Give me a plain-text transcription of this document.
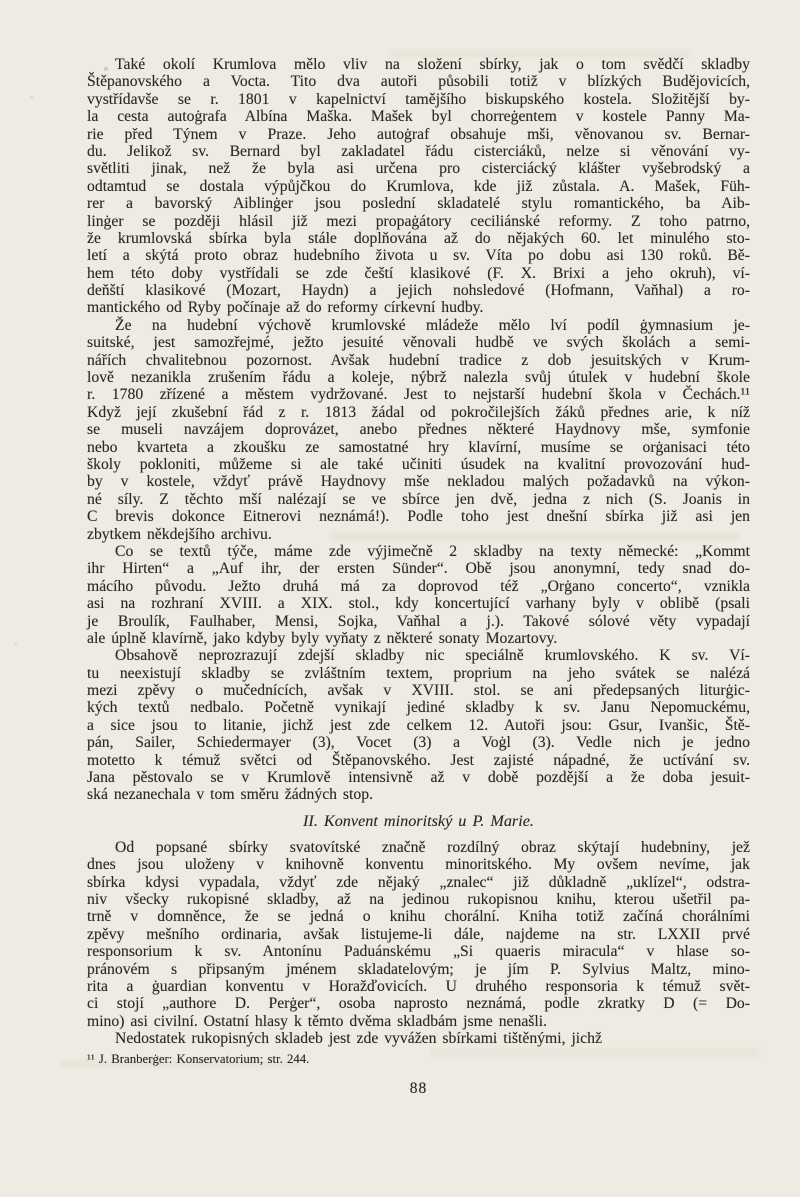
Také okolí Krumlova mělo vliv na složení sbírky, jak o tom svědčí skladby
Štěpanovského a Vocta. Tito dva autoři působili totiž v blízkých Budějovicích,
vystřídavše se r. 1801 v kapelnictví tamějšího biskupského kostela. Složitější by-
la cesta autoġrafa Albína Maška. Mašek byl chorreġentem v kostele Panny Ma-
rie před Týnem v Praze. Jeho autoġraf obsahuje mši, věnovanou sv. Bernar-
du. Jelikož sv. Bernard byl zakladatel řádu cisterciáků, nelze si věnování vy-
světliti jinak, než že byla asi určena pro cisterciácký klášter vyšebrodský a
odtamtud se dostala výpůjčkou do Krumlova, kde již zůstala. A. Mašek, Füh-
rer a bavorský Aiblinġer jsou poslední skladatelé stylu romantického, ba Aib-
linġer se později hlásil již mezi propaġátory ceciliánské reformy. Z toho patrno,
že krumlovská sbírka byla stále doplňována až do nějakých 60. let minulého sto-
letí a skýtá proto obraz hudebního života u sv. Víta po dobu asi 130 roků. Bě-
hem této doby vystřídali se zde čeští klasikové (F. X. Brixi a jeho okruh), ví-
deňští klasikové (Mozart, Haydn) a jejich nohsledové (Hofmann, Vaňhal) a ro-
mantického od Ryby počínaje až do reformy církevní hudby.
Že na hudební výchově krumlovské mládeže mělo lví podíl ġymnasium je-
suitské, jest samozřejmé, ježto jesuité věnovali hudbě ve svých školách a semi-
nářích chvalitebnou pozornost. Avšak hudební tradice z dob jesuitských v Krum-
lově nezanikla zrušením řádu a koleje, nýbrž nalezla svůj útulek v hudební škole
r. 1780 zřízené a městem vydržované. Jest to nejstarší hudební škola v Čechách.¹¹
Když její zkušební řád z r. 1813 žádal od pokročilejších žáků přednes arie, k níž
se museli navzájem doprovázet, anebo přednes některé Haydnovy mše, symfonie
nebo kvarteta a zkoušku ze samostatné hry klavírní, musíme se orġanisaci této
školy pokloniti, můžeme si ale také učiniti úsudek na kvalitní provozování hud-
by v kostele, vždyť právě Haydnovy mše nekladou malých požadavků na výkon-
né síly. Z těchto mší nalézají se ve sbírce jen dvě, jedna z nich (S. Joanis in
C brevis dokonce Eitnerovi neznámá!). Podle toho jest dnešní sbírka již asi jen
zbytkem někdejšího archivu.
Co se textů týče, máme zde výjimečně 2 skladby na texty německé: „Kommt
ihr Hirten“ a „Auf ihr, der ersten Sünder“. Obě jsou anonymní, tedy snad do-
mácího původu. Ježto druhá má za doprovod též „Orġano concerto“, vznikla
asi na rozhraní XVIII. a XIX. stol., kdy koncertující varhany byly v oblibě (psali
je Broulík, Faulhaber, Mensi, Sojka, Vaňhal a j.). Takové sólové věty vypadají
ale úplně klavírně, jako kdyby byly vyňaty z některé sonaty Mozartovy.
Obsahově neprozrazují zdejší skladby nic speciálně krumlovského. K sv. Ví-
tu neexistují skladby se zvláštním textem, proprium na jeho svátek se nalézá
mezi zpěvy o mučednících, avšak v XVIII. stol. se ani předepsaných liturġic-
kých textů nedbalo. Početně vynikají jediné skladby k sv. Janu Nepomuckému,
a sice jsou to litanie, jichž jest zde celkem 12. Autoři jsou: Gsur, Ivanšic, Ště-
pán, Sailer, Schiedermayer (3), Vocet (3) a Voġl (3). Vedle nich je jedno
motetto k témuž světci od Štěpanovského. Jest zajisté nápadné, že uctívání sv.
Jana pěstovalo se v Krumlově intensivně až v době pozdější a že doba jesuit-
ská nezanechala v tom směru žádných stop.
II. Konvent minoritský u P. Marie.
Od popsané sbírky svatovítské značně rozdílný obraz skýtají hudebniny, jež
dnes jsou uloženy v knihovně konventu minoritského. My ovšem nevíme, jak
sbírka kdysi vypadala, vždyť zde nějaký „znalec“ již důkladně „uklízel“, odstra-
niv všecky rukopisné skladby, až na jedinou rukopisnou knihu, kterou ušetřil pa-
trně v domněnce, že se jedná o knihu chorální. Kniha totiž začíná chorálními
zpěvy mešního ordinaria, avšak listujeme-li dále, najdeme na str. LXXII prvé
responsorium k sv. Antonínu Paduánskému „Si quaeris miracula“ v hlase so-
pránovém s připsaným jménem skladatelovým; je jím P. Sylvius Maltz, mino-
rita a ġuardian konventu v Horažďovicích. U druhého responsoria k témuž svět-
ci stojí „authore D. Perġer“, osoba naprosto neznámá, podle zkratky D (= Do-
mino) asi civilní. Ostatní hlasy k těmto dvěma skladbám jsme nenašli.
Nedostatek rukopisných skladeb jest zde vyvážen sbírkami tištěnými, jichž
¹¹ J. Branberġer: Konservatorium; str. 244.
88
